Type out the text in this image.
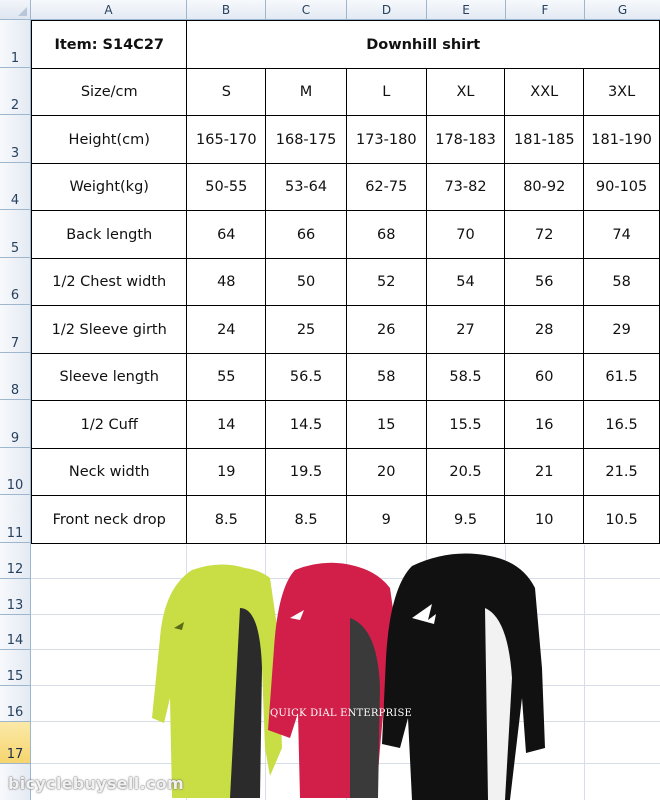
A	B	C	D	E	F	G
1
2
3
4
5
6
7
8
9
10
11
12
13
14
15
16
17
Item: S14C27	Downhill shirt					
Size/cm	S	M	L	XL	XXL	3XL
Height(cm)	165-170	168-175	173-180	178-183	181-185	181-190
Weight(kg)	50-55	53-64	62-75	73-82	80-92	90-105
Back length	64	66	68	70	72	74
1/2 Chest width	48	50	52	54	56	58
1/2 Sleeve girth	24	25	26	27	28	29
Sleeve length	55	56.5	58	58.5	60	61.5
1/2 Cuff	14	14.5	15	15.5	16	16.5
Neck width	19	19.5	20	20.5	21	21.5
Front neck drop	8.5	8.5	9	9.5	10	10.5
QUICK DIAL ENTERPRISE
bicyclebuysell.com
